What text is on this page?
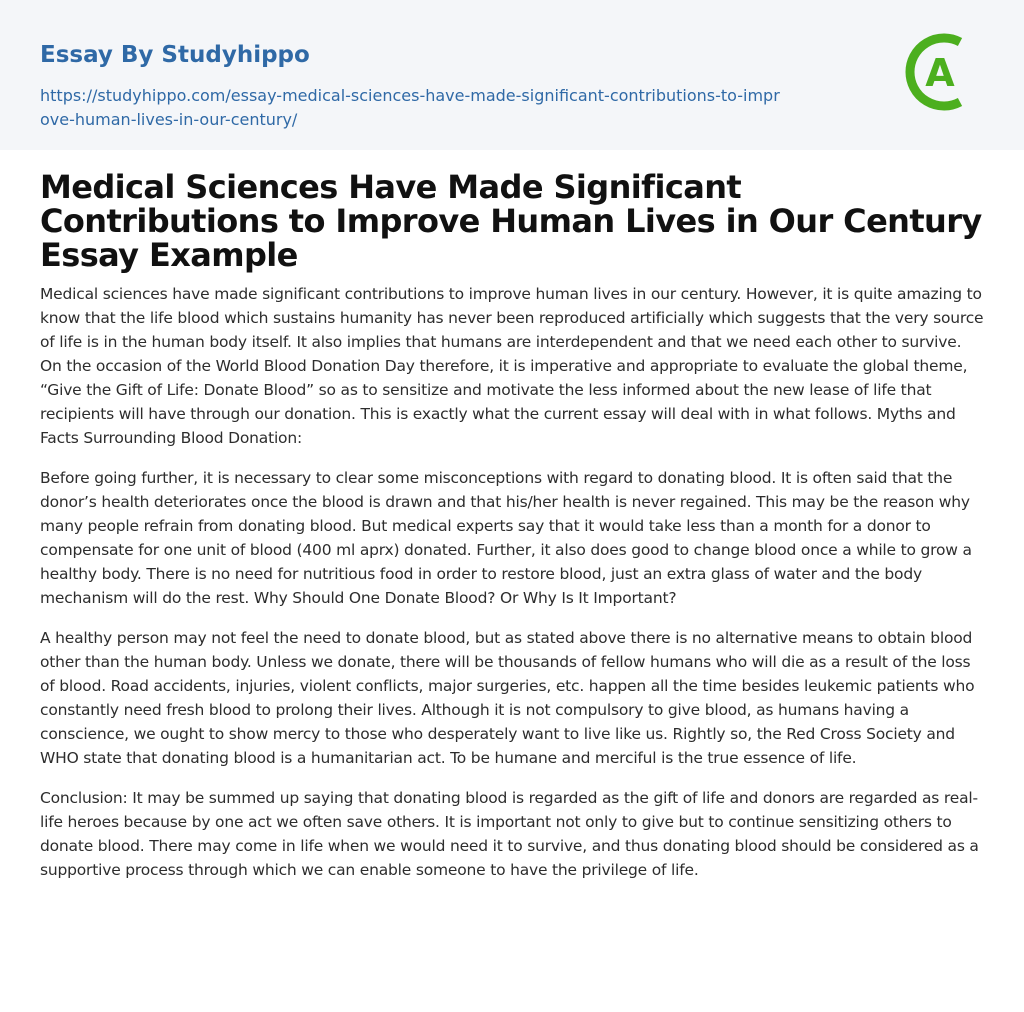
Essay By Studyhippo
https://studyhippo.com/essay-medical-sciences-have-made-significant-contributions-to-improve-human-lives-in-our-century/
A
Medical Sciences Have Made Significant Contributions to Improve Human Lives in Our Century Essay Example

Medical sciences have made significant contributions to improve human lives in our century. However, it is quite amazing to know that the life blood which sustains humanity has never been reproduced artificially which suggests that the very source of life is in the human body itself. It also implies that humans are interdependent and that we need each other to survive. On the occasion of the World Blood Donation Day therefore, it is imperative and appropriate to evaluate the global theme, “Give the Gift of Life: Donate Blood” so as to sensitize and motivate the less informed about the new lease of life that recipients will have through our donation. This is exactly what the current essay will deal with in what follows. Myths and Facts Surrounding Blood Donation:

Before going further, it is necessary to clear some misconceptions with regard to donating blood. It is often said that the donor’s health deteriorates once the blood is drawn and that his/her health is never regained. This may be the reason why many people refrain from donating blood. But medical experts say that it would take less than a month for a donor to compensate for one unit of blood (400 ml aprx) donated. Further, it also does good to change blood once a while to grow a healthy body. There is no need for nutritious food in order to restore blood, just an extra glass of water and the body mechanism will do the rest. Why Should One Donate Blood? Or Why Is It Important?

A healthy person may not feel the need to donate blood, but as stated above there is no alternative means to obtain blood other than the human body. Unless we donate, there will be thousands of fellow humans who will die as a result of the loss of blood. Road accidents, injuries, violent conflicts, major surgeries, etc. happen all the time besides leukemic patients who constantly need fresh blood to prolong their lives. Although it is not compulsory to give blood, as humans having a conscience, we ought to show mercy to those who desperately want to live like us. Rightly so, the Red Cross Society and WHO state that donating blood is a humanitarian act. To be humane and merciful is the true essence of life.

Conclusion: It may be summed up saying that donating blood is regarded as the gift of life and donors are regarded as real-life heroes because by one act we often save others. It is important not only to give but to continue sensitizing others to donate blood. There may come in life when we would need it to survive, and thus donating blood should be considered as a supportive process through which we can enable someone to have the privilege of life.
